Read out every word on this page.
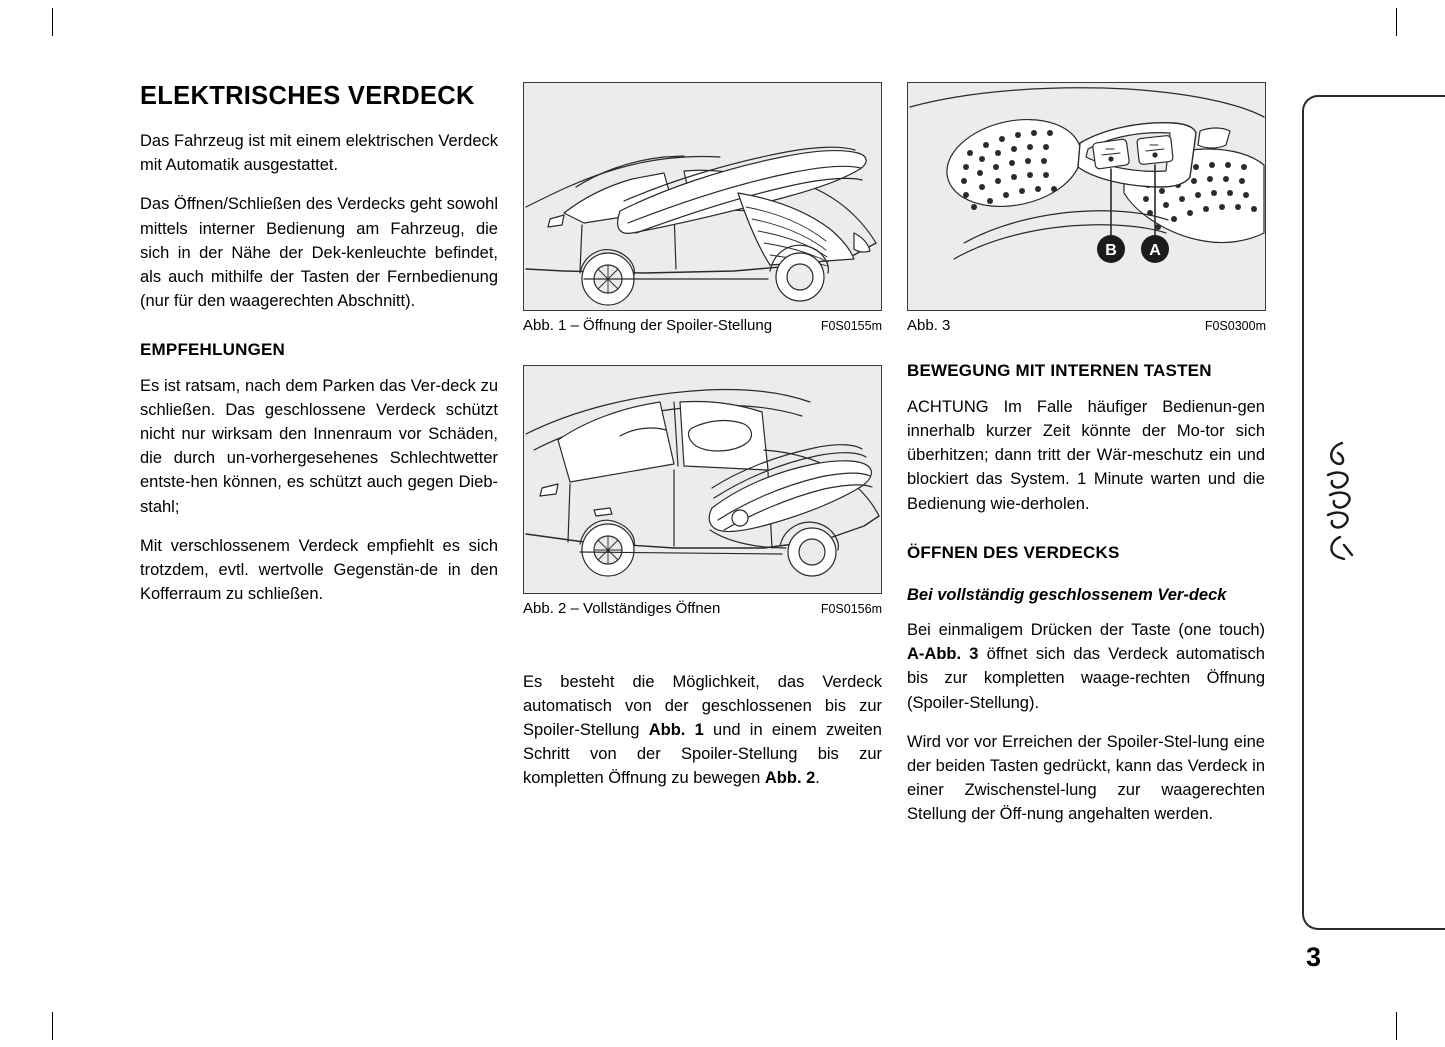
ELEKTRISCHES VERDECK

Das Fahrzeug ist mit einem elektrischen Verdeck mit Automatik ausgestattet.

Das Öffnen/Schließen des Verdecks geht sowohl mittels interner Bedienung am Fahrzeug, die sich in der Nähe der Dek-kenleuchte befindet, als auch mithilfe der Tasten der Fernbedienung (nur für den waagerechten Abschnitt).

EMPFEHLUNGEN

Es ist ratsam, nach dem Parken das Ver-deck zu schließen. Das geschlossene Verdeck schützt nicht nur wirksam den Innenraum vor Schäden, die durch un-vorhergesehenes Schlechtwetter entste-hen können, es schützt auch gegen Dieb-stahl;

Mit verschlossenem Verdeck empfiehlt es sich trotzdem, evtl. wertvolle Gegenstän-de in den Kofferraum zu schließen.

Abb. 1 – Öffnung der Spoiler-Stellung	F0S0155m
Abb. 2 – Vollständiges Öffnen	F0S0156m

Es besteht die Möglichkeit, das Verdeck automatisch von der geschlossenen bis zur Spoiler-Stellung Abb. 1 und in einem zweiten Schritt von der Spoiler-Stellung bis zur kompletten Öffnung zu bewegen Abb. 2.

B A
Abb. 3	F0S0300m
BEWEGUNG MIT INTERNEN TASTEN

ACHTUNG Im Falle häufiger Bedienun-gen innerhalb kurzer Zeit könnte der Mo-tor sich überhitzen; dann tritt der Wär-meschutz ein und blockiert das System. 1 Minute warten und die Bedienung wie-derholen.

ÖFFNEN DES VERDECKS
Bei vollständig geschlossenem Ver-deck

Bei einmaligem Drücken der Taste (one touch) A-Abb. 3 öffnet sich das Verdeck automatisch bis zur kompletten waage-rechten Öffnung (Spoiler-Stellung).

Wird vor vor Erreichen der Spoiler-Stel-lung eine der beiden Tasten gedrückt, kann das Verdeck in einer Zwischenstel-lung zur waagerechten Stellung der Öff-nung angehalten werden.

3
